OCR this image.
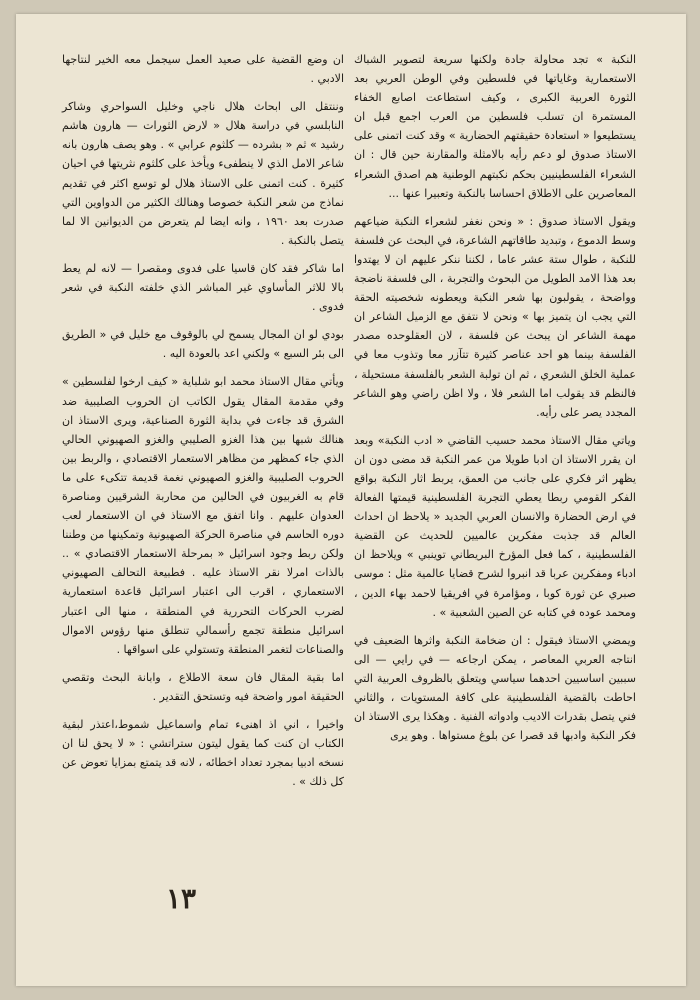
النكبة » تجد محاولة جادة ولكنها سريعة لتصوير الشباك الاستعمارية وغاياتها في فلسطين وفي الوطن العربي بعد الثورة العربية الكبرى ، وكيف استطاعت اصابع الخفاء المستمرة ان تسلب فلسطين من العرب اجمع قبل ان يستطيعوا « استعادة حقيقتهم الحضارية » وقد كنت اتمنى على الاستاذ صدوق لو دعم رأيه بالامثلة والمقارنة حين قال : ان الشعراء الفلسطينيين بحكم نكبتهم الوطنية هم اصدق الشعراء المعاصرين على الاطلاق احساسا بالنكبة وتعبيرا عنها ...

ويقول الاستاذ صدوق : « ونحن نغفر لشعراء النكبة ضياعهم وسط الدموع ، وتبديد طاقاتهم الشاعرة، في البحث عن فلسفة للنكبة ، طوال ستة عشر عاما ، لكننا ننكر عليهم ان لا يهتدوا بعد هذا الامد الطويل من البحوث والتجربة ، الى فلسفة ناضجة وواضحة ، يقولبون بها شعر النكبة ويعطونه شخصيته الحقة التي يجب ان يتميز بها » ونحن لا نتفق مع الزميل الشاعر ان مهمة الشاعر ان يبحث عن فلسفة ، لان العقلوحده مصدر الفلسفة بينما هو احد عناصر كثيرة تتآزر معا وتذوب معا في عملية الخلق الشعري ، ثم ان تولبة الشعر بالفلسفة مستحيلة ، فالنظم قد يقولب اما الشعر فلا ، ولا اظن راضي وهو الشاعر المجدد يصر على رأيه.

وياتي مقال الاستاذ محمد حسيب القاضي « ادب النكبة» وبعد ان يقرر الاستاذ ان ادبا طويلا من عمر النكبة قد مضى دون ان يظهر اثر فكري على جانب من العمق، يربط اثار النكبة بواقع الفكر القومي ربطا يعطي التجربة الفلسطينية قيمتها الفعالة في ارض الحضارة والانسان العربي الجديد « يلاحظ ان احداث العالم قد جذبت مفكرين عالميين للحديث عن القضية الفلسطينية ، كما فعل المؤرخ البريطاني توينبي » ويلاحظ ان ادباء ومفكرين عربا قد انبروا لشرح قضايا عالمية مثل : موسى صبري عن ثورة كوبا ، ومؤامرة في افريقيا لاحمد بهاء الدين ، ومحمد عوده في كتابه عن الصين الشعبية » .

ويمضي الاستاذ فيقول : ان ضخامة النكبة واثرها الضعيف في انتاجه العربي المعاصر ، يمكن ارجاعه — في رايي — الى سببين اساسيين احدهما سياسي ويتعلق بالظروف العربية التي احاطت بالقضية الفلسطينية على كافة المستويات ، والثاني فني يتصل بقدرات الاديب وادواته الفنية . وهكذا يرى الاستاذ ان فكر النكبة وادبها قد قصرا عن بلوغ مستواها . وهو يرى

ان وضع القضية على صعيد العمل سيجمل معه الخير لنتاجها الادبي .

وننتقل الى ابحاث هلال ناجي وخليل السواحري وشاكر النابلسي في دراسة هلال « لارض الثورات — هارون هاشم رشيد » ثم « بشرده — كلثوم عرابي » . وهو يصف هارون بانه شاعر الامل الذي لا ينطفىء ويأخذ على كلثوم نثريتها في احيان كثيرة . كنت اتمنى على الاستاذ هلال لو توسع اكثر في تقديم نماذج من شعر النكبة خصوصا وهنالك الكثير من الدواوين التي صدرت بعد ١٩٦٠ ، وانه ايضا لم يتعرض من الديوانين الا لما يتصل بالنكبة .

اما شاكر فقد كان قاسيا على فدوى ومقصرا — لانه لم يعط بالا للاثر المأساوي غير المباشر الذي خلفته النكبة في شعر فدوى .

بودي لو ان المجال يسمح لي بالوقوف مع خليل في « الطريق الى بئر السبع » ولكني اعد بالعودة اليه .

ويأتي مقال الاستاذ محمد ابو شلباية « كيف ارخوا لفلسطين » وفي مقدمة المقال يقول الكاتب ان الحروب الصليبية ضد الشرق قد جاءت في بداية الثورة الصناعية، ويرى الاستاذ ان هنالك شبها بين هذا الغزو الصليبي والغزو الصهيوني الحالي الذي جاء كمظهر من مظاهر الاستعمار الاقتصادي ، والربط بين الحروب الصليبية والغزو الصهيوني نغمة قديمة تتكىء على ما قام به الغربيون في الحالين من محاربة الشرقيين ومناصرة العدوان عليهم . وانا اتفق مع الاستاذ في ان الاستعمار لعب دوره الحاسم في مناصرة الحركة الصهيونية وتمكينها من وطننا ولكن ربط وجود اسرائيل « بمرحلة الاستعمار الاقتصادي » .. بالذات امرلا نقر الاستاذ عليه . فطبيعة التحالف الصهيوني الاستعماري ، اقرب الى اعتبار اسرائيل قاعدة استعمارية لضرب الحركات التحررية في المنطقة ، منها الى اعتبار اسرائيل منطقة تجمع رأسمالي تنطلق منها رؤوس الاموال والصناعات لتغمر المنطقة وتستولي على اسواقها .

اما بقية المقال فان سعة الاطلاع ، وابانة البحث وتقصي الحقيقة امور واضحة فيه وتستحق التقدير .

واخيرا ، اني اذ اهنىء تمام واسماعيل شموط،اعتذر لبقية الكتاب ان كنت كما يقول ليتون ستراتشي : « لا يحق لنا ان نسخه ادبيا بمجرد تعداد اخطائه ، لانه قد يتمتع بمزايا تعوض عن كل ذلك » .

١٣
